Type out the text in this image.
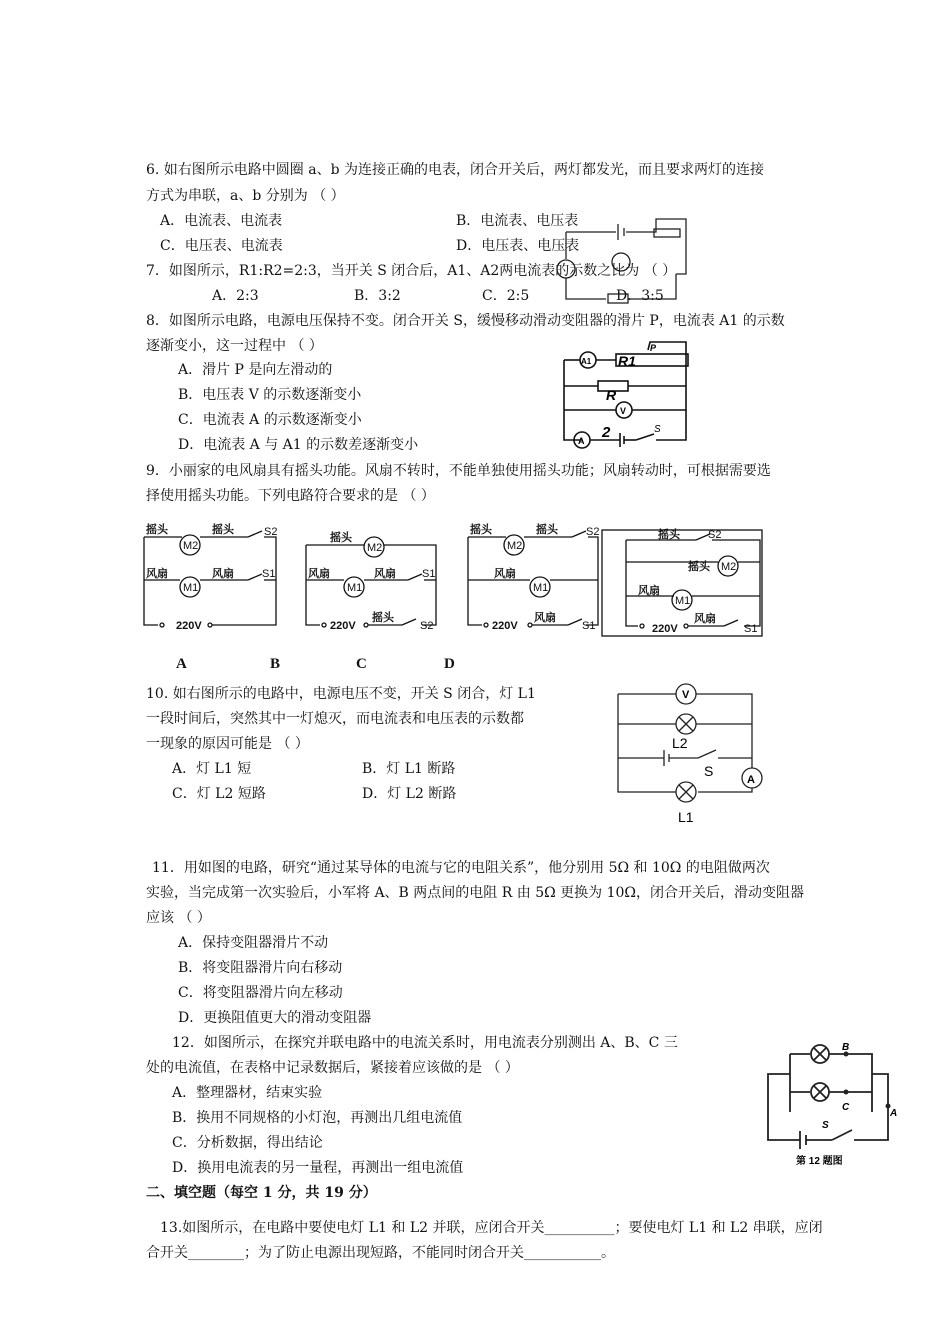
6. 如右图所示电路中圆圈 a、b 为连接正确的电表，闭合开关后，两灯都发光，而且要求两灯的连接
方式为串联，a、b 分别为 （ ）
A．电流表、电流表	B．电流表、电压表
C．电压表、电流表	D．电压表、电压表
7．如图所示，R1:R2=2:3，当开关 S 闭合后，A1、A2两电流表的示数之比为 （ ）
A．2:3	B．3:2	C．2:5	D．3:5
8．如图所示电路，电源电压保持不变。闭合开关 S，缓慢移动滑动变阻器的滑片 P，电流表 A1 的示数
逐渐变小，这一过程中 （ ）
A．滑片 P 是向左滑动的
B．电压表 V 的示数逐渐变小
C．电流表 A 的示数逐渐变小
D．电流表 A 与 A1 的示数差逐渐变小
A1 R1
P
R
V
A 2	S
9．小丽家的电风扇具有摇头功能。风扇不转时，不能单独使用摇头功能；风扇转动时，可根据需要选
择使用摇头功能。下列电路符合要求的是 （ ）
摇头
M2
摇头	S2
风扇
M1
风扇	S1
220V
摇头
M2
风扇
M1
风扇 S1
220V
摇头
S2
摇头
M2
摇头	S2
风扇
M1
220V
风扇
S1
摇头	S2
摇头 M2
风扇
M1
220V
风扇
S1
A	B	C	D
10. 如右图所示的电路中，电源电压不变，开关 S 闭合，灯 L1
一段时间后，突然其中一灯熄灭，而电流表和电压表的示数都
一现象的原因可能是 （ ）
A．灯 L1 短	B．灯 L1 断路
C．灯 L2 短路	D．灯 L2 断路
V
L2
S
A
L1
11．用如图的电路，研究“通过某导体的电流与它的电阻关系”，他分别用 5Ω 和 10Ω 的电阻做两次
实验，当完成第一次实验后，小军将 A、B 两点间的电阻 R 由 5Ω 更换为 10Ω，闭合开关后，滑动变阻器
应该 （ ）
A．保持变阻器滑片不动
B．将变阻器滑片向右移动
C．将变阻器滑片向左移动
D．更换阻值更大的滑动变阻器
12．如图所示，在探究并联电路中的电流关系时，用电流表分别测出 A、B、C 三
处的电流值，在表格中记录数据后，紧接着应该做的是 （ ）
A．整理器材，结束实验
B．换用不同规格的小灯泡，再测出几组电流值
C．分析数据，得出结论
D．换用电流表的另一量程，再测出一组电流值
B
C
A
S
第 12 题图
二、填空题（每空 1 分，共 19 分）
13.如图所示，在电路中要使电灯 L1 和 L2 并联，应闭合开关__________；要使电灯 L1 和 L2 串联，应闭
合开关________；为了防止电源出现短路，不能同时闭合开关___________。
